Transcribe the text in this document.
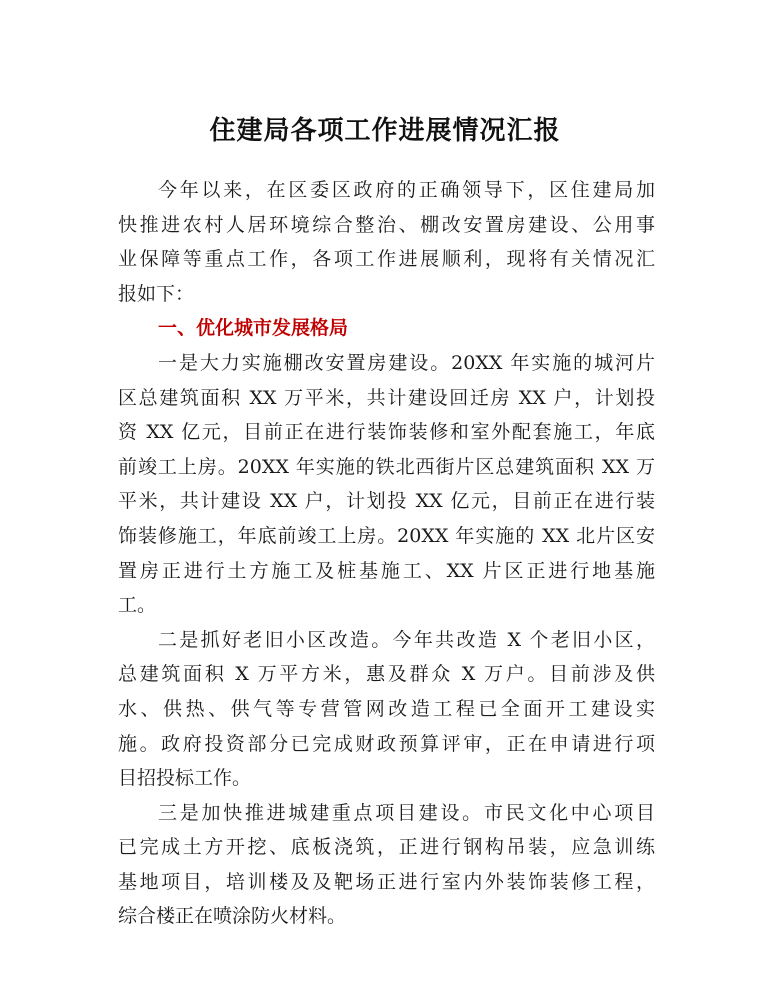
住建局各项工作进展情况汇报
今年以来，在区委区政府的正确领导下，区住建局加
快推进农村人居环境综合整治、棚改安置房建设、公用事
业保障等重点工作，各项工作进展顺利，现将有关情况汇
报如下：
一、优化城市发展格局
一是大力实施棚改安置房建设。20XX 年实施的城河片
区总建筑面积 XX 万平米，共计建设回迁房 XX 户，计划投
资 XX 亿元，目前正在进行装饰装修和室外配套施工，年底
前竣工上房。20XX 年实施的铁北西街片区总建筑面积 XX 万
平米，共计建设 XX 户，计划投 XX 亿元，目前正在进行装
饰装修施工，年底前竣工上房。20XX 年实施的 XX 北片区安
置房正进行土方施工及桩基施工、XX 片区正进行地基施
工。
二是抓好老旧小区改造。今年共改造 X 个老旧小区，
总建筑面积 X 万平方米，惠及群众 X 万户。目前涉及供
水、供热、供气等专营管网改造工程已全面开工建设实
施。政府投资部分已完成财政预算评审，正在申请进行项
目招投标工作。
三是加快推进城建重点项目建设。市民文化中心项目
已完成土方开挖、底板浇筑，正进行钢构吊装，应急训练
基地项目，培训楼及及靶场正进行室内外装饰装修工程，
综合楼正在喷涂防火材料。
